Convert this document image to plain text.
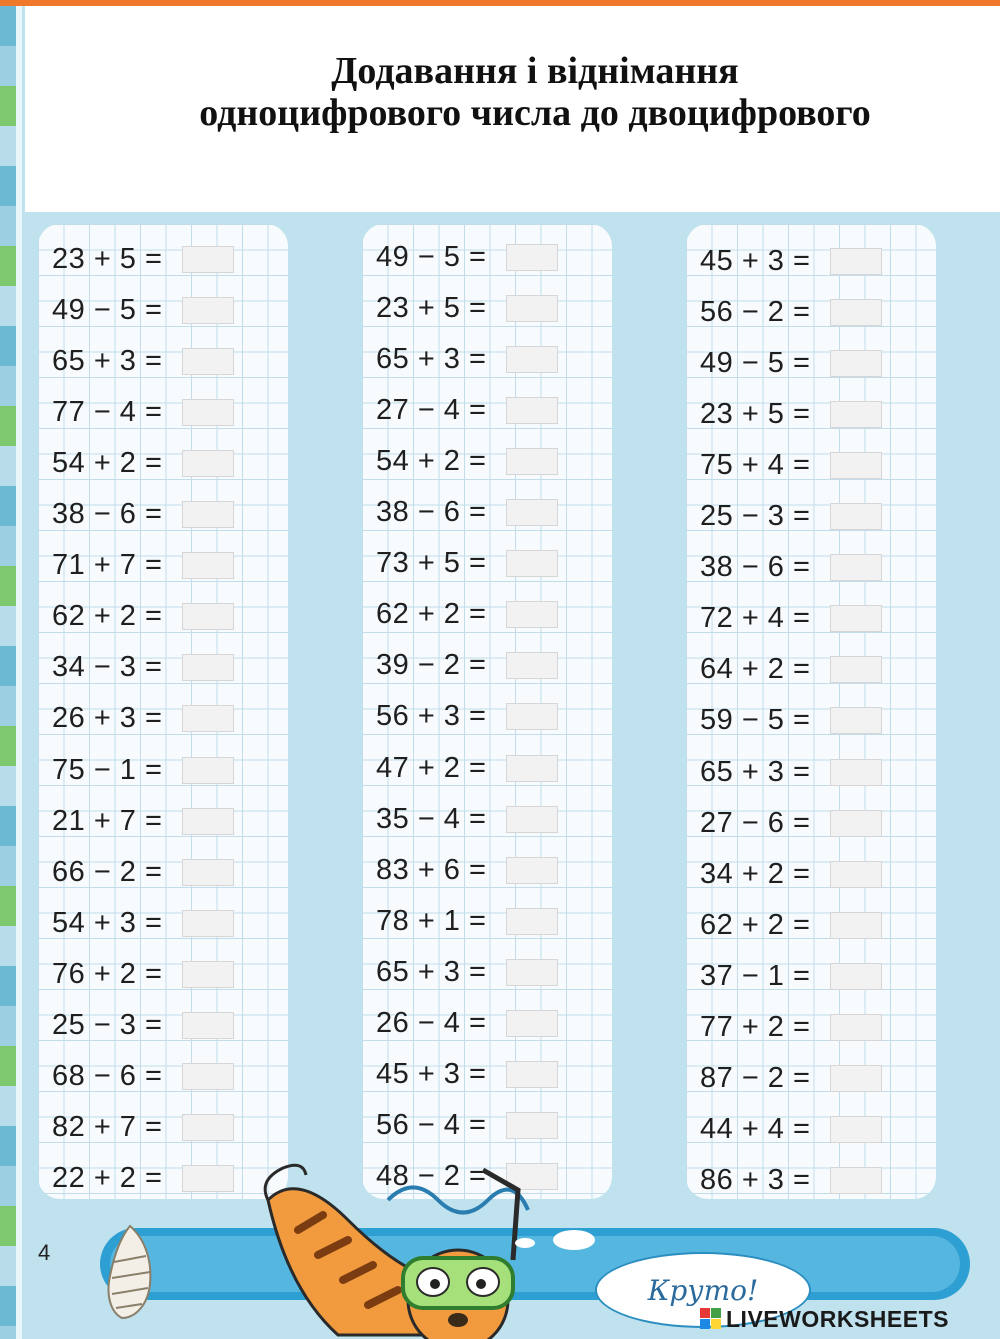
Додавання і віднімання
одноцифрового числа до двоцифрового
23 + 5 =
49 − 5 =
65 + 3 =
77 − 4 =
54 + 2 =
38 − 6 =
71 + 7 =
62 + 2 =
34 − 3 =
26 + 3 =
75 − 1 =
21 + 7 =
66 − 2 =
54 + 3 =
76 + 2 =
25 − 3 =
68 − 6 =
82 + 7 =
22 + 2 =
49 − 5 =
23 + 5 =
65 + 3 =
27 − 4 =
54 + 2 =
38 − 6 =
73 + 5 =
62 + 2 =
39 − 2 =
56 + 3 =
47 + 2 =
35 − 4 =
83 + 6 =
78 + 1 =
65 + 3 =
26 − 4 =
45 + 3 =
56 − 4 =
48 − 2 =
45 + 3 =
56 − 2 =
49 − 5 =
23 + 5 =
75 + 4 =
25 − 3 =
38 − 6 =
72 + 4 =
64 + 2 =
59 − 5 =
65 + 3 =
27 − 6 =
34 + 2 =
62 + 2 =
37 − 1 =
77 + 2 =
87 − 2 =
44 + 4 =
86 + 3 =
Круто!
4
LIVEWORKSHEETS
